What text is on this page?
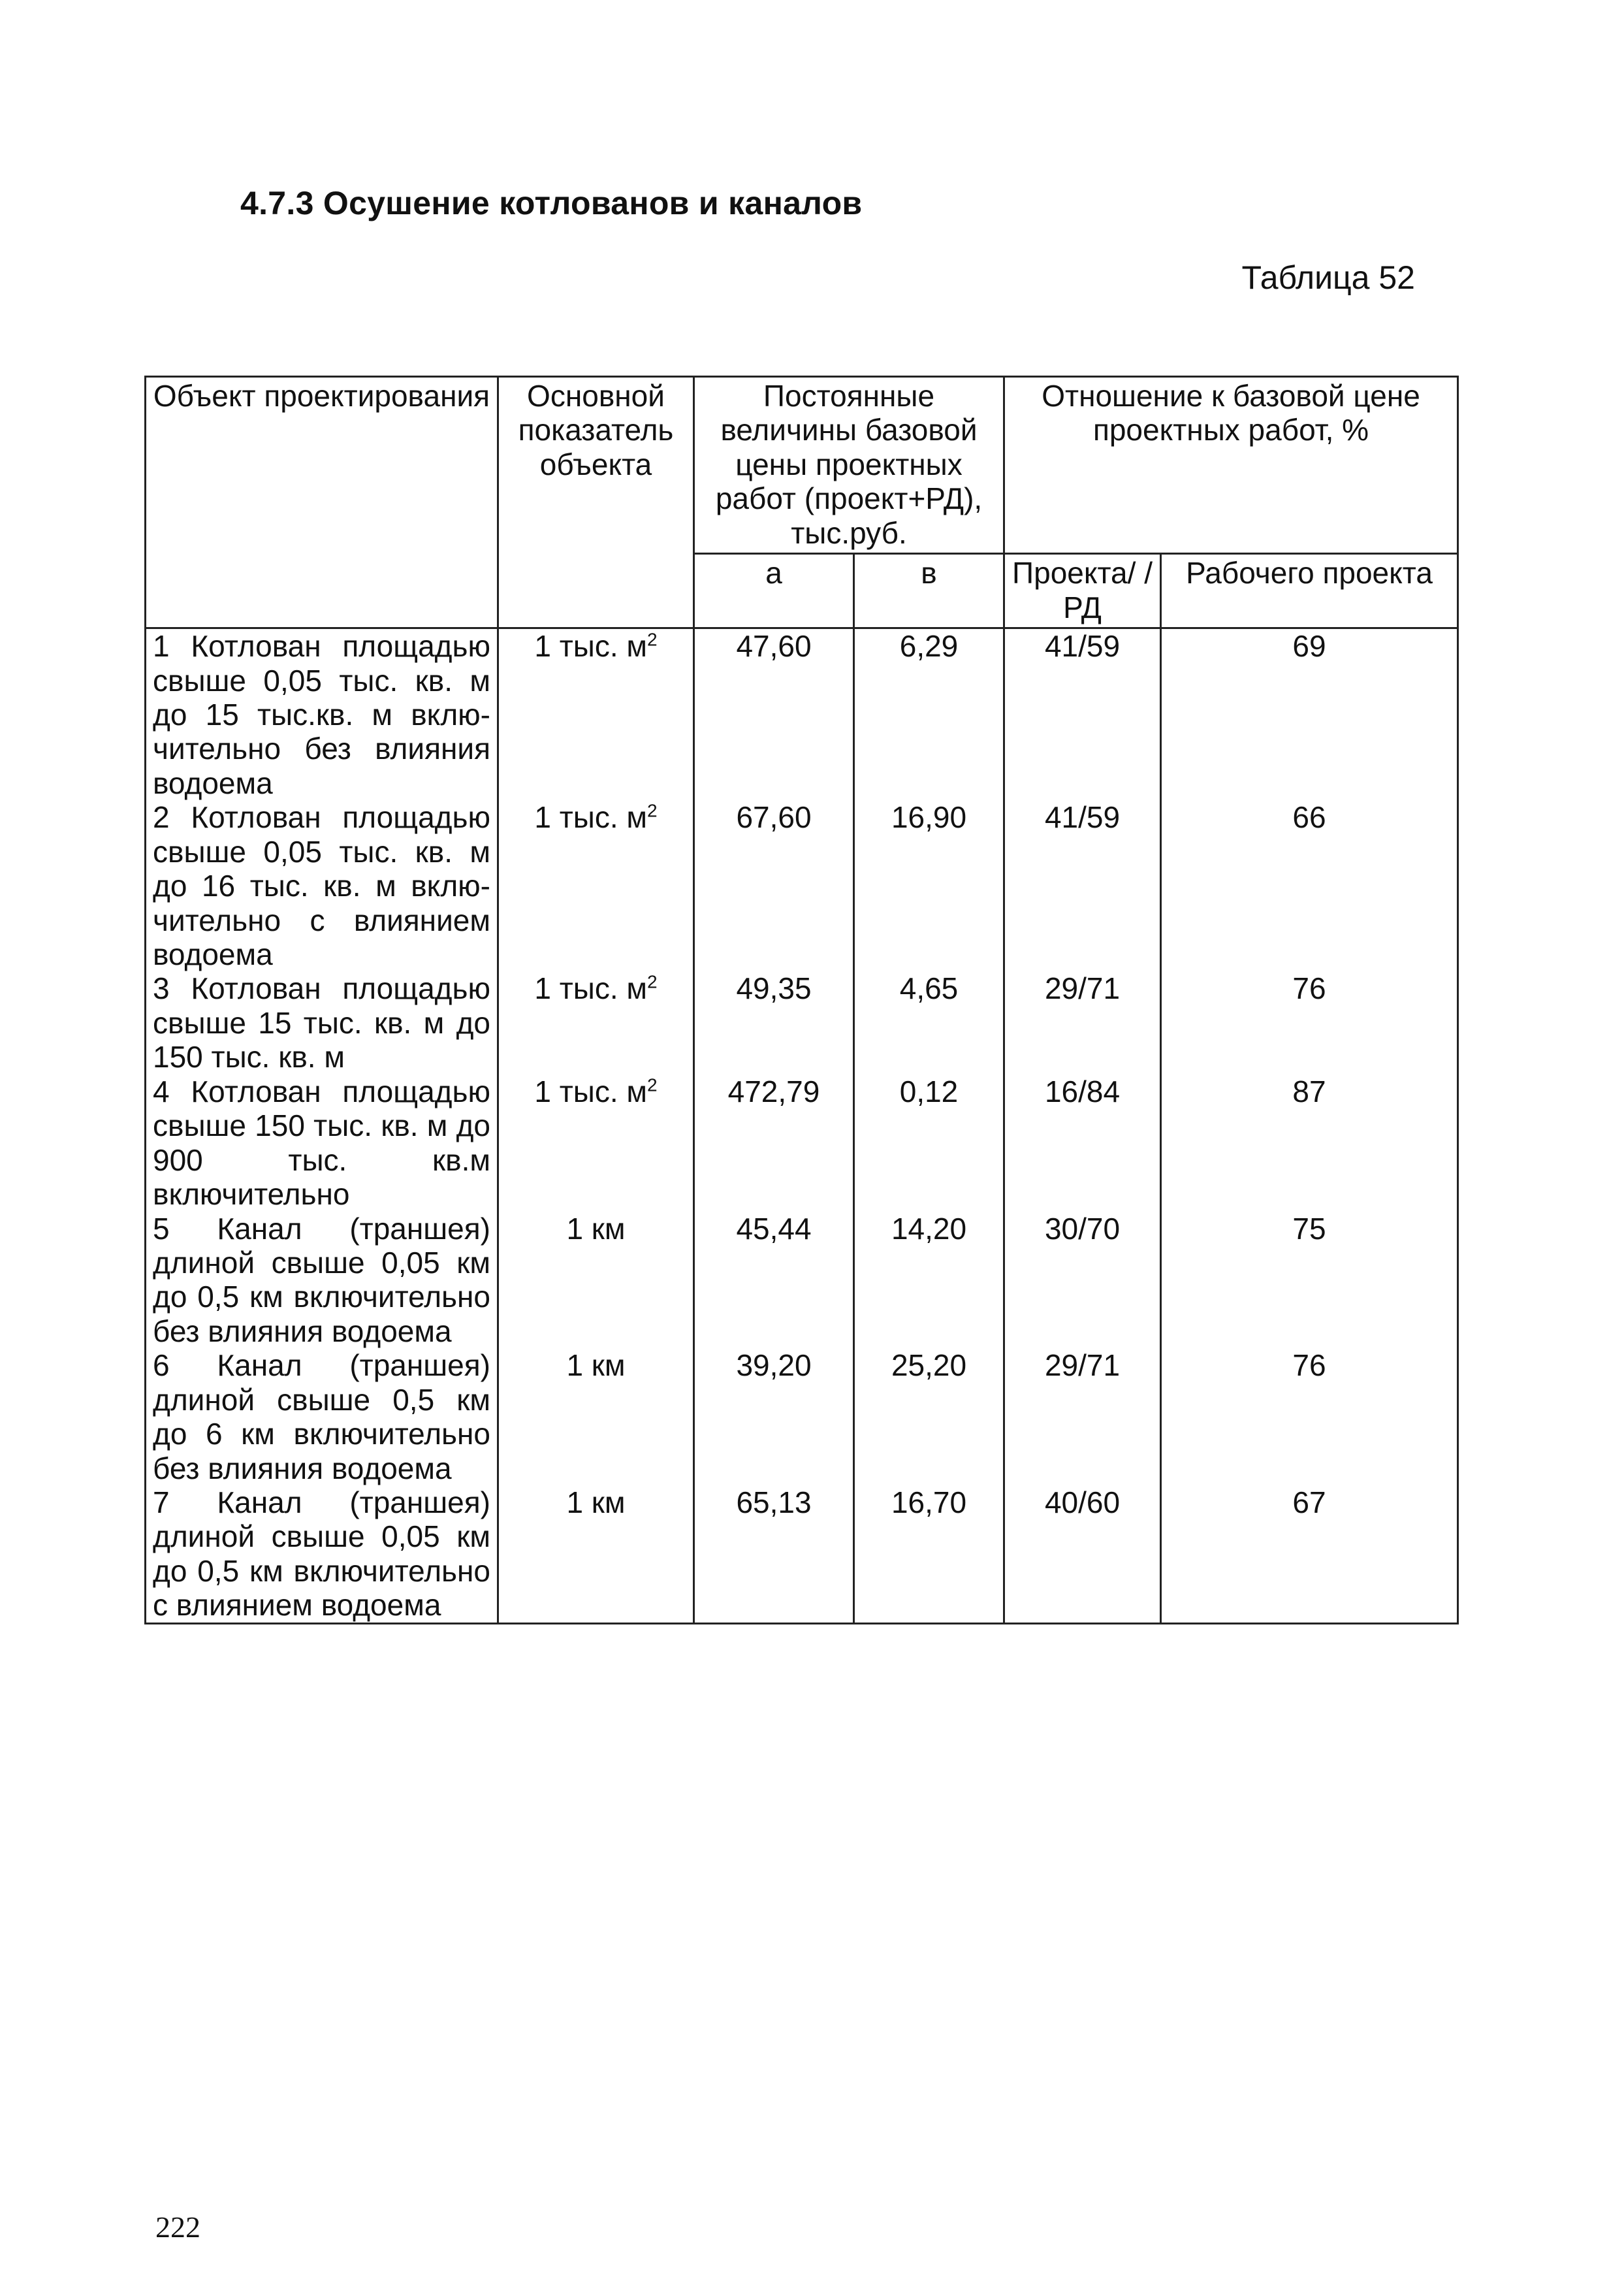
4.7.3 Осушение котлованов и каналов
Таблица 52
Объект проектирования	Основной показатель объекта	Постоянные величины базовой цены проектных работ (проект+РД), тыс.руб.		Отношение к базовой цене проектных работ, %	
		а	в	Проекта/ /РД	Рабочего проекта
1 Котлован площадью свыше 0,05 тыс. кв. м до 15 тыс.кв. м включительно без влияния водоема	1 тыс. $м^2$	47,60	6,29	41/59	69
2 Котлован площадью свыше 0,05 тыс. кв. м до 16 тыс. кв. м включительно с влиянием водоема	1 тыс. $м^2$	67,60	16,90	41/59	66
3 Котлован площадью свыше 15 тыс. кв. м до 150 тыс. кв. м	1 тыс. $м^2$	49,35	4,65	29/71	76
4 Котлован площадью свыше 150 тыс. кв. м до 900 тыс. кв.м включительно	1 тыс. $м^2$	472,79	0,12	16/84	87
5 Канал (траншея) длиной свыше 0,05 км до 0,5 км включительно без влияния водоема	1 км	45,44	14,20	30/70	75
6 Канал (траншея) длиной свыше 0,5 км до 6 км включительно без влияния водоема	1 км	39,20	25,20	29/71	76
7 Канал (траншея) длиной свыше 0,05 км до 0,5 км включительно с влиянием водоема	1 км	65,13	16,70	40/60	67
222
